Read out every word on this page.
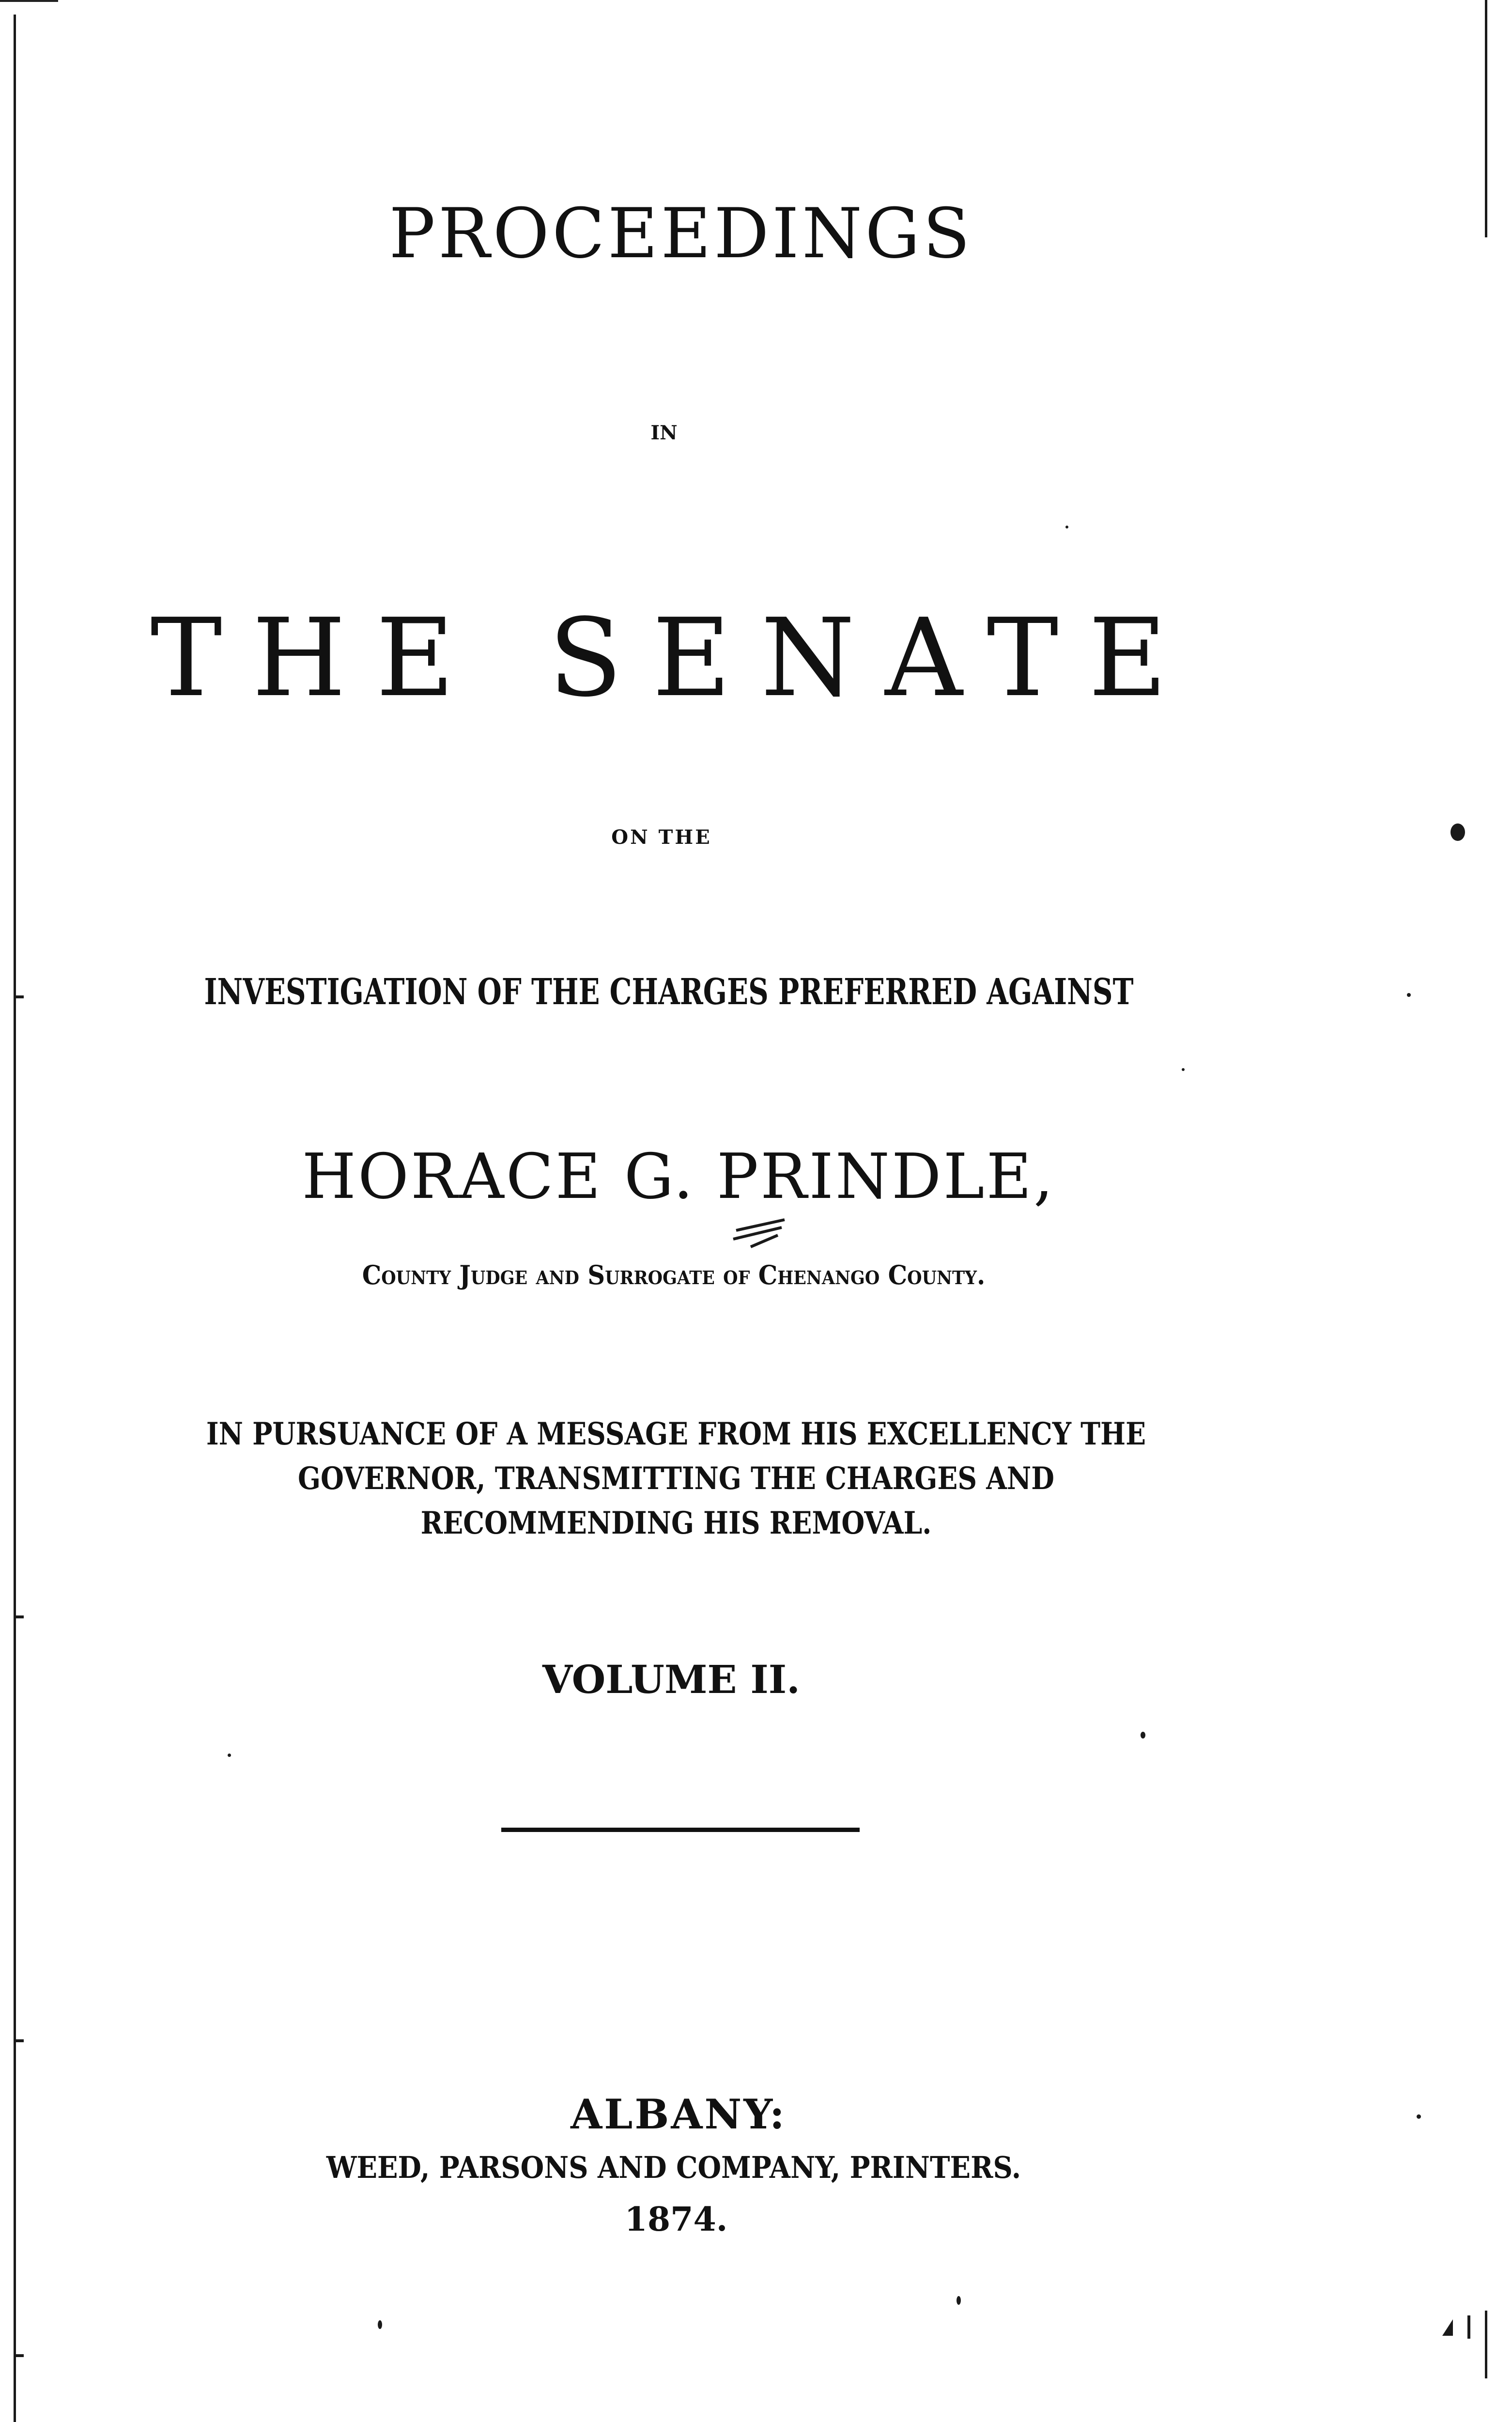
PROCEEDINGS
IN
THE SENATE
ON THE
INVESTIGATION OF THE CHARGES PREFERRED AGAINST
HORACE G. PRINDLE,
County Judge and Surrogate of Chenango County.
IN PURSUANCE OF A MESSAGE FROM HIS EXCELLENCY THE
GOVERNOR, TRANSMITTING THE CHARGES AND
RECOMMENDING HIS REMOVAL.
VOLUME II.
ALBANY:
WEED, PARSONS AND COMPANY, PRINTERS.
1874.
